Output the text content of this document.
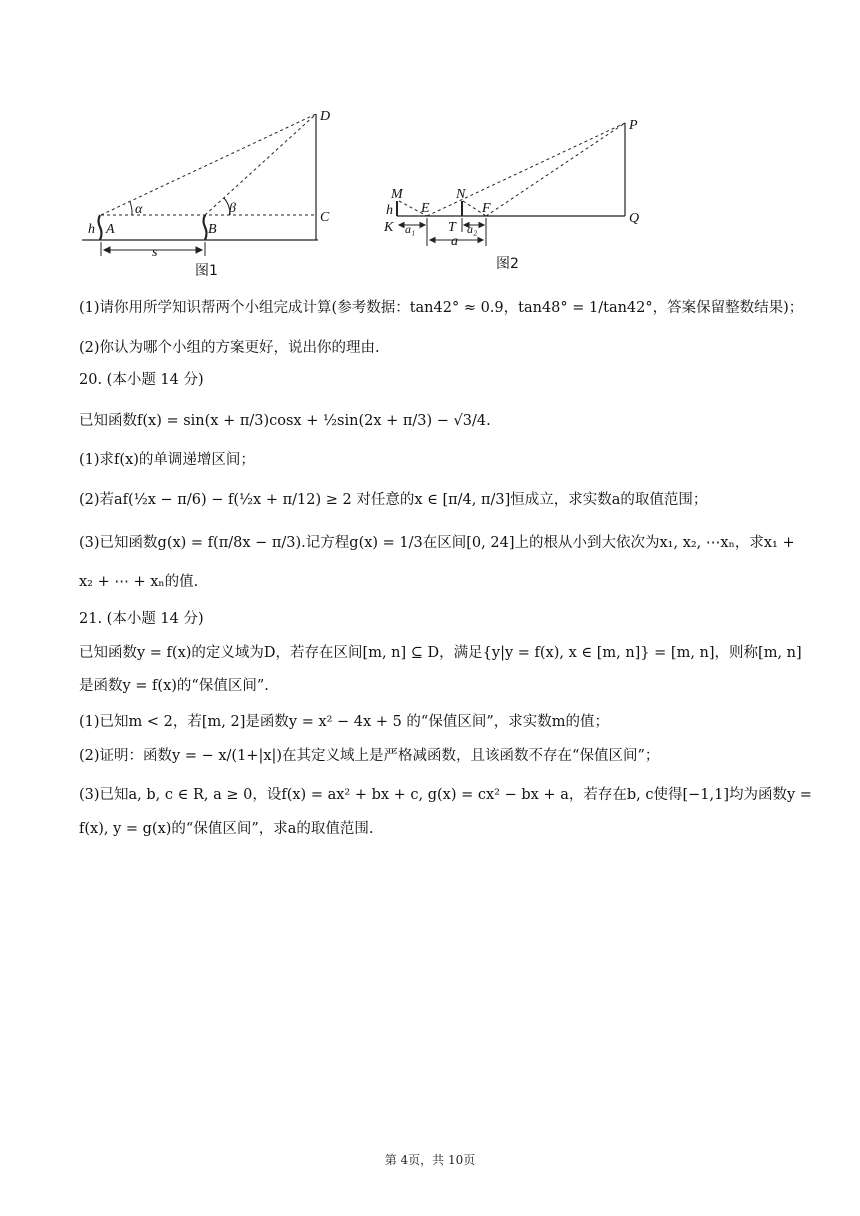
D
C
A	B
h
s
α	β
图1
M	N
P
E	F
K	T
Q
h
a₁	a₂
a
图2
(1)请你用所学知识帮两个小组完成计算(参考数据：tan42° ≈ 0.9，tan48° = 1/tan42°，答案保留整数结果)；
(2)你认为哪个小组的方案更好，说出你的理由.
20. (本小题 14 分)
已知函数f(x) = sin(x + π/3)cosx + ½sin(2x + π/3) − √3/4.
(1)求f(x)的单调递增区间；
(2)若af(½x − π/6) − f(½x + π/12) ≥ 2 对任意的x ∈ [π/4, π/3]恒成立，求实数a的取值范围；
(3)已知函数g(x) = f(π/8x − π/3).记方程g(x) = 1/3在区间[0, 24]上的根从小到大依次为x₁, x₂, ⋯xₙ，求x₁ +
x₂ + ⋯ + xₙ的值.
21. (本小题 14 分)
已知函数y = f(x)的定义域为D，若存在区间[m, n] ⊆ D，满足{y|y = f(x), x ∈ [m, n]} = [m, n]，则称[m, n]
是函数y = f(x)的“保值区间”.
(1)已知m < 2，若[m, 2]是函数y = x² − 4x + 5 的“保值区间”，求实数m的值；
(2)证明：函数y = − x/(1+|x|)在其定义域上是严格减函数，且该函数不存在“保值区间”；
(3)已知a, b, c ∈ R, a ≥ 0，设f(x) = ax² + bx + c, g(x) = cx² − bx + a，若存在b, c使得[−1,1]均为函数y =
f(x), y = g(x)的“保值区间”，求a的取值范围.
第 4页，共 10页
